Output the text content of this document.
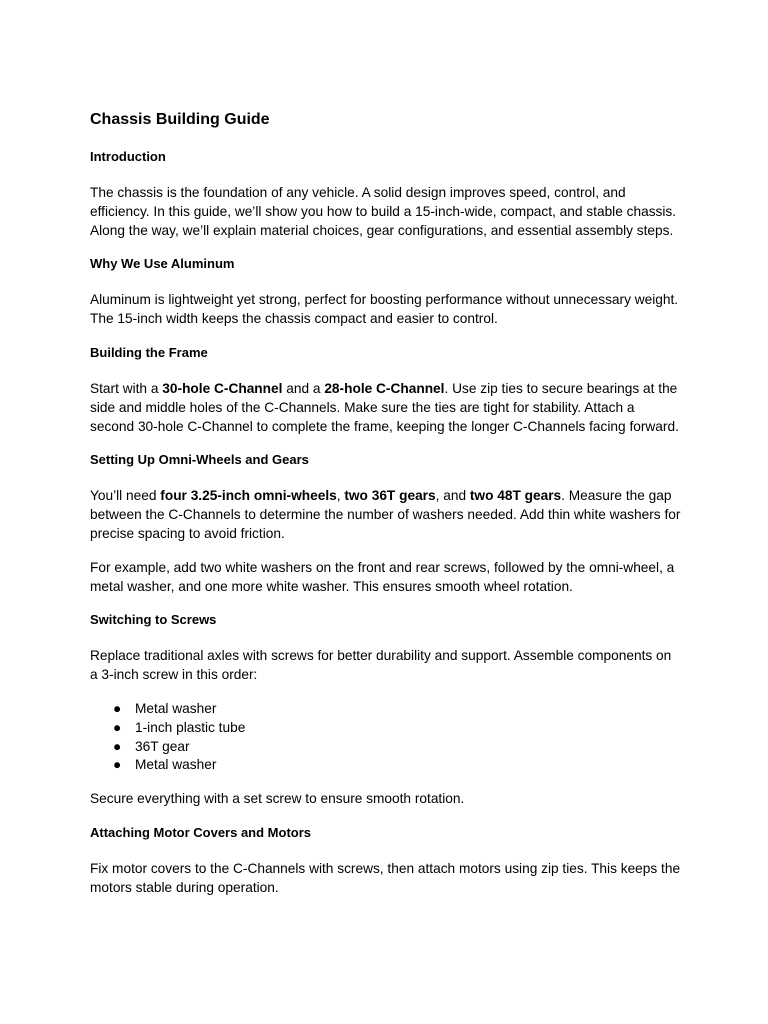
Chassis Building Guide
Introduction

The chassis is the foundation of any vehicle. A solid design improves speed, control, and efficiency. In this guide, we’ll show you how to build a 15-inch-wide, compact, and stable chassis. Along the way, we’ll explain material choices, gear configurations, and essential assembly steps.

Why We Use Aluminum

Aluminum is lightweight yet strong, perfect for boosting performance without unnecessary weight. The 15-inch width keeps the chassis compact and easier to control.

Building the Frame

Start with a 30-hole C-Channel and a 28-hole C-Channel. Use zip ties to secure bearings at the side and middle holes of the C-Channels. Make sure the ties are tight for stability. Attach a second 30-hole C-Channel to complete the frame, keeping the longer C-Channels facing forward.

Setting Up Omni-Wheels and Gears

You’ll need four 3.25-inch omni-wheels, two 36T gears, and two 48T gears. Measure the gap between the C-Channels to determine the number of washers needed. Add thin white washers for precise spacing to avoid friction.

For example, add two white washers on the front and rear screws, followed by the omni-wheel, a metal washer, and one more white washer. This ensures smooth wheel rotation.

Switching to Screws

Replace traditional axles with screws for better durability and support. Assemble components on a 3-inch screw in this order:

● Metal washer
● 1-inch plastic tube
● 36T gear
● Metal washer

Secure everything with a set screw to ensure smooth rotation.

Attaching Motor Covers and Motors

Fix motor covers to the C-Channels with screws, then attach motors using zip ties. This keeps the motors stable during operation.
